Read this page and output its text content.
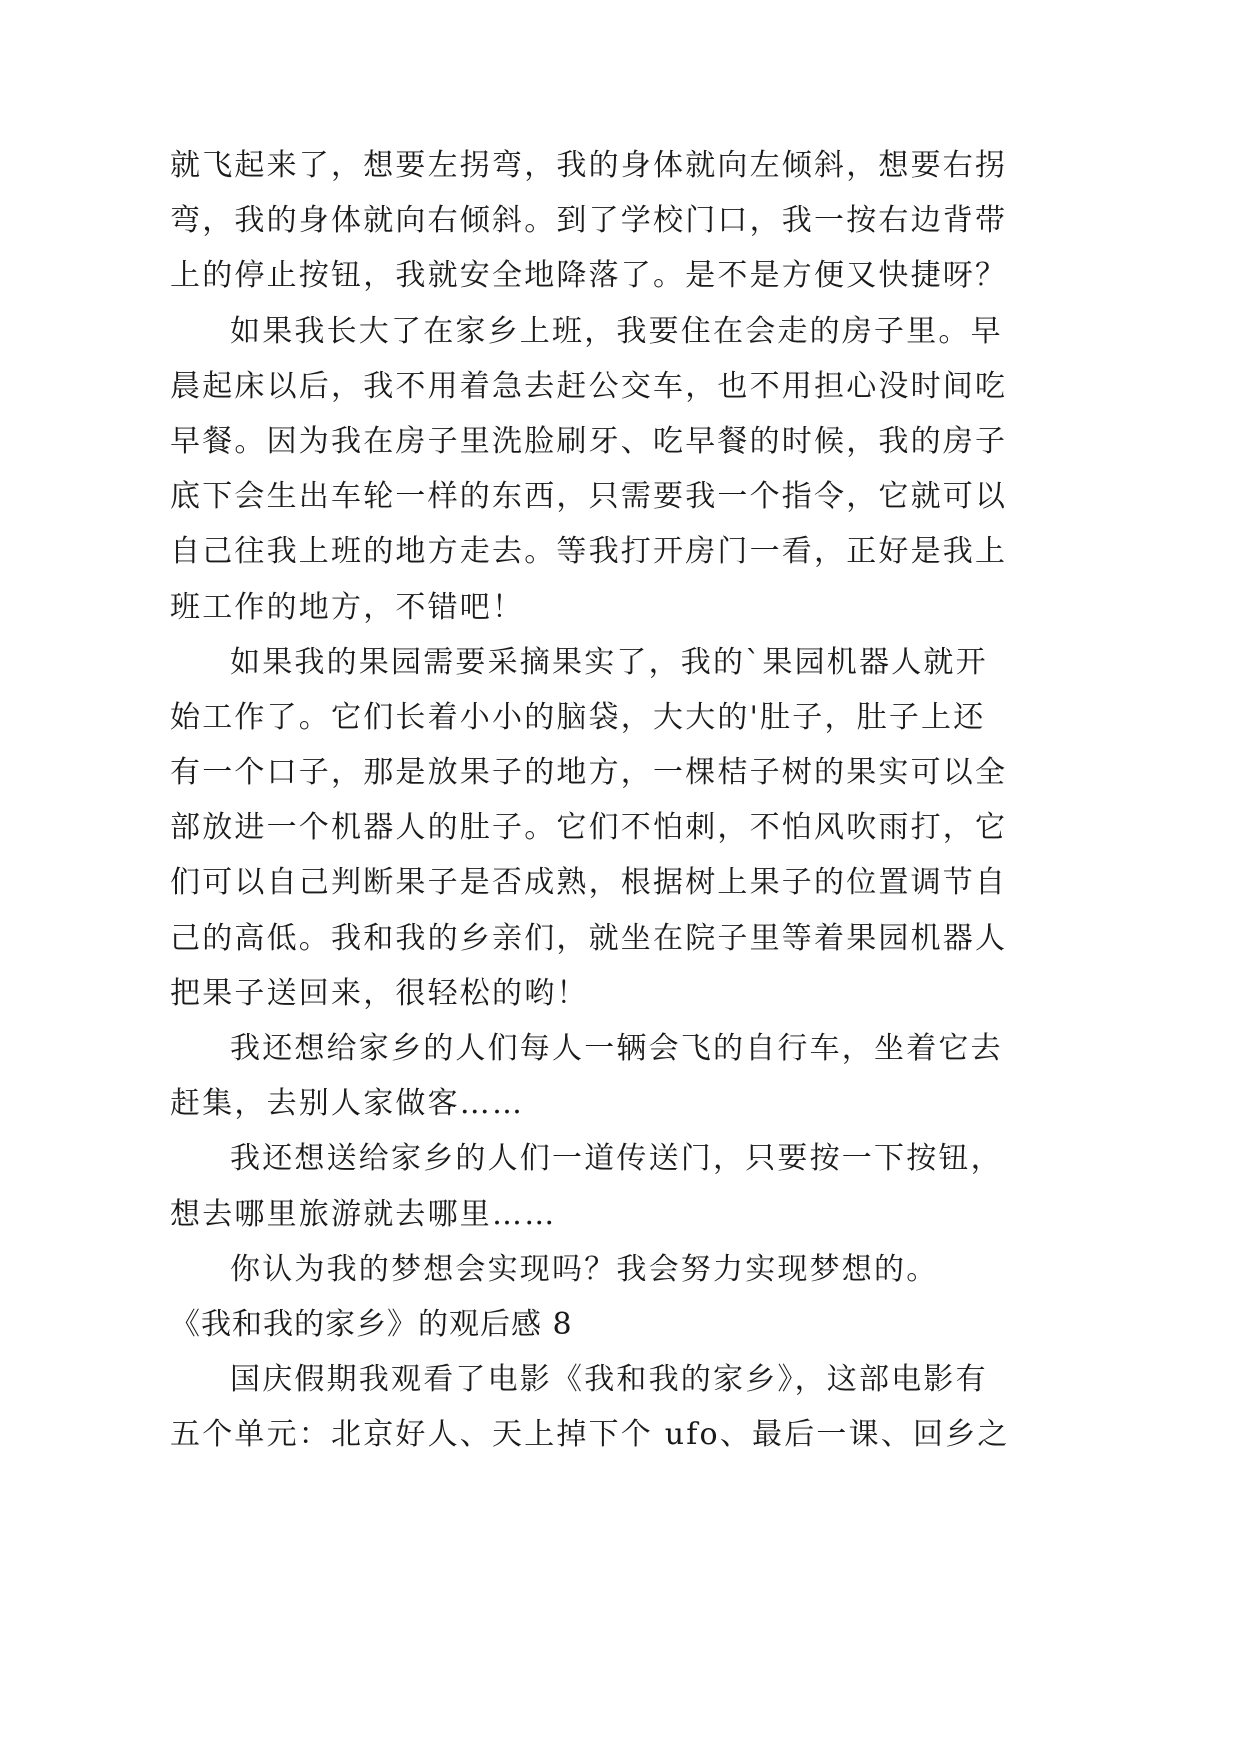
就飞起来了，想要左拐弯，我的身体就向左倾斜，想要右拐
弯，我的身体就向右倾斜。到了学校门口，我一按右边背带
上的停止按钮，我就安全地降落了。是不是方便又快捷呀？
如果我长大了在家乡上班，我要住在会走的房子里。早
晨起床以后，我不用着急去赶公交车，也不用担心没时间吃
早餐。因为我在房子里洗脸刷牙、吃早餐的时候，我的房子
底下会生出车轮一样的东西，只需要我一个指令，它就可以
自己往我上班的地方走去。等我打开房门一看，正好是我上
班工作的地方，不错吧！
如果我的果园需要采摘果实了，我的`果园机器人就开
始工作了。它们长着小小的脑袋，大大的'肚子，肚子上还
有一个口子，那是放果子的地方，一棵桔子树的果实可以全
部放进一个机器人的肚子。它们不怕刺，不怕风吹雨打，它
们可以自己判断果子是否成熟，根据树上果子的位置调节自
己的高低。我和我的乡亲们，就坐在院子里等着果园机器人
把果子送回来，很轻松的哟！
我还想给家乡的人们每人一辆会飞的自行车，坐着它去
赶集，去别人家做客……
我还想送给家乡的人们一道传送门，只要按一下按钮，
想去哪里旅游就去哪里……
你认为我的梦想会实现吗？我会努力实现梦想的。
《我和我的家乡》的观后感 8
国庆假期我观看了电影《我和我的家乡》，这部电影有
五个单元：北京好人、天上掉下个 ufo、最后一课、回乡之
